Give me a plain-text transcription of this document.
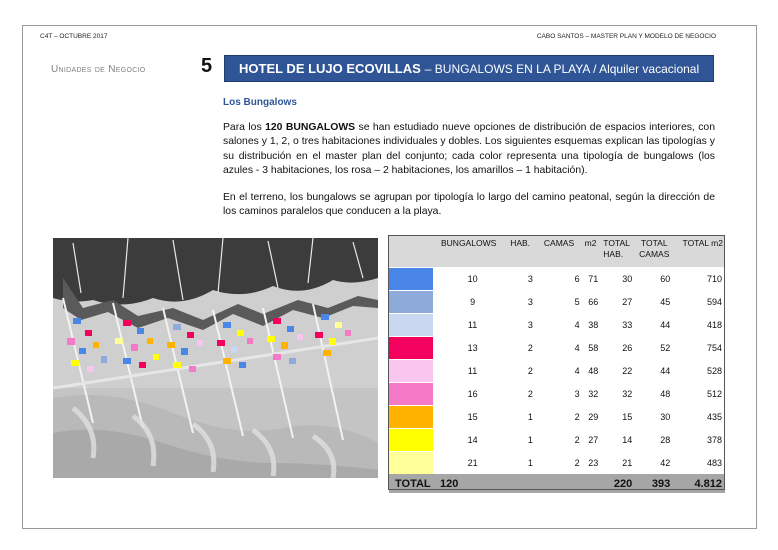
C4T – OCTUBRE 2017	CABO SANTOS – MASTER PLAN Y MODELO DE NEGOCIO
Unidades de Negocio	5 HOTEL DE LUJO ECOVILLAS – BUNGALOWS EN LA PLAYA / Alquiler vacacional
Los Bungalows
Para los 120 BUNGALOWS se han estudiado nueve opciones de distribución de espacios interiores, con salones y 1, 2, o tres habitaciones individuales y dobles. Los siguientes esquemas explican las tipologías y su distribución en el master plan del conjunto; cada color representa una tipología de bungalows (los azules - 3 habitaciones, los rosa – 2 habitaciones, los amarillos – 1 habitación).
En el terreno, los bungalows se agrupan por tipología lo largo del camino peatonal, según la dirección de los caminos paralelos que conducen a la playa.
	BUNGALOWS	HAB.	CAMAS	m2	TOTAL HAB.	TOTAL CAMAS	TOTAL m2

	10	3	6	71	30	60	710

	9	3	5	66	27	45	594

	11	3	4	38	33	44	418

	13	2	4	58	26	52	754

	11	2	4	48	22	44	528

	16	2	3	32	32	48	512

	15	1	2	29	15	30	435

	14	1	2	27	14	28	378

	21	1	2	23	21	42	483
TOTAL	120				220	393	4.812
